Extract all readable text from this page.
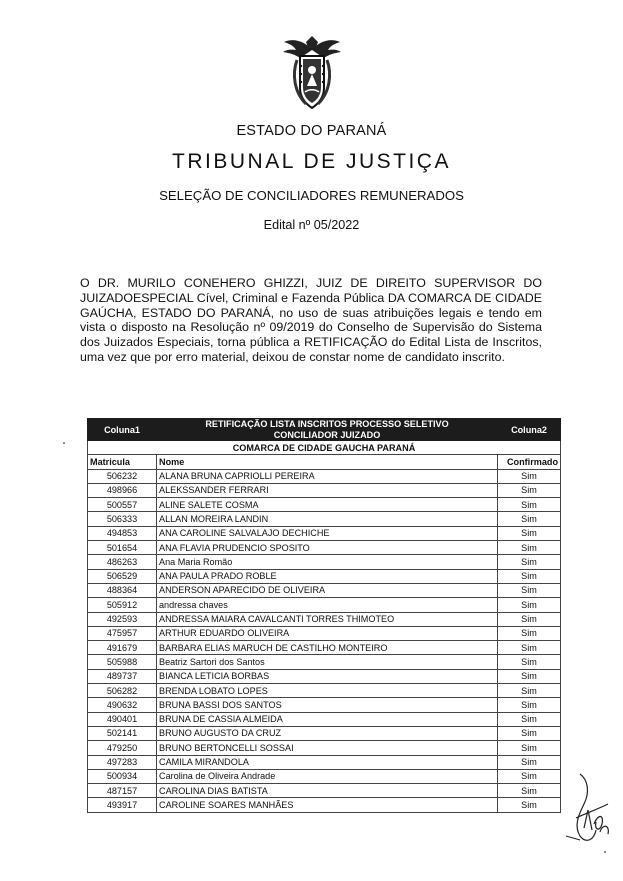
ESTADO DO PARANÁ
TRIBUNAL DE JUSTIÇA
SELEÇÃO DE CONCILIADORES REMUNERADOS
Edital nº 05/2022

O DR. MURILO CONEHERO GHIZZI, JUIZ DE DIREITO SUPERVISOR DO JUIZADOESPECIAL Cível, Criminal e Fazenda Pública DA COMARCA DE CIDADE GAÚCHA, ESTADO DO PARANÁ, no uso de suas atribuições legais e tendo em vista o disposto na Resolução nº 09/2019 do Conselho de Supervisão do Sistema dos Juizados Especiais, torna pública a RETIFICAÇÃO do Edital Lista de Inscritos, uma vez que por erro material, deixou de constar nome de candidato inscrito.

Coluna1	RETIFICAÇÃO LISTA INSCRITOS PROCESSO SELETIVO	Coluna2
	CONCILIADOR JUIZADO	
COMARCA DE CIDADE GAUCHA PARANÁ		
Matricula	Nome	Confirmado
506232	ALANA BRUNA CAPRIOLLI PEREIRA	Sim
498966	ALEKSSANDER FERRARI	Sim
500557	ALINE SALETE COSMA	Sim
506333	ALLAN MOREIRA LANDIN	Sim
494853	ANA CAROLINE SALVALAJO DECHICHE	Sim
501654	ANA FLAVIA PRUDENCIO SPOSITO	Sim
486263	Ana Maria Romão	Sim
506529	ANA PAULA PRADO ROBLE	Sim
488364	ANDERSON APARECIDO DE OLIVEIRA	Sim
505912	andressa chaves	Sim
492593	ANDRESSA MAIARA CAVALCANTI TORRES THIMOTEO	Sim
475957	ARTHUR EDUARDO OLIVEIRA	Sim
491679	BARBARA ELIAS MARUCH DE CASTILHO MONTEIRO	Sim
505988	Beatriz Sartori dos Santos	Sim
489737	BIANCA LETICIA BORBAS	Sim
506282	BRENDA LOBATO LOPES	Sim
490632	BRUNA BASSI DOS SANTOS	Sim
490401	BRUNA DE CASSIA ALMEIDA	Sim
502141	BRUNO AUGUSTO DA CRUZ	Sim
479250	BRUNO BERTONCELLI SOSSAI	Sim
497283	CAMILA MIRANDOLA	Sim
500934	Carolina de Oliveira Andrade	Sim
487157	CAROLINA DIAS BATISTA	Sim
493917	CAROLINE SOARES MANHÃES	Sim
